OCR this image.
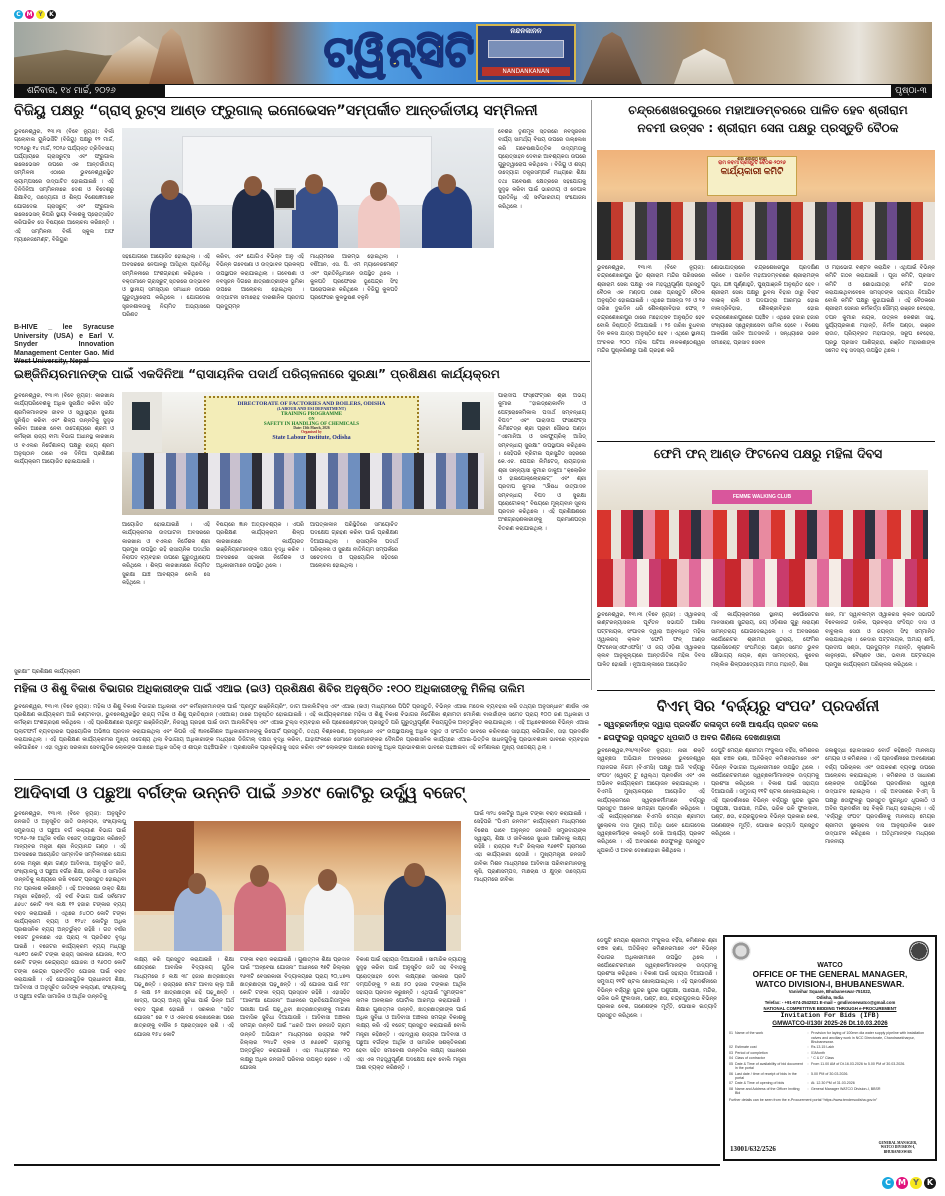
C M Y	K
ନନ୍ଦନକାନନ
NANDANKANAN
ଟ୍ୱିନ୍‌ସିଟି
ଶନିବାର, ୧୪ ମାର୍ଚ୍ଚ, ୨୦୨୬	ପୃଷ୍ଠା-୩
ବିଜିୟୁ ପକ୍ଷରୁ “ଗ୍ରାସ୍ ରୁଟ୍ସ ଆଣ୍ଡ ଫ୍ରୁଗାଲ୍ ଇନୋଭେସନ”ସମ୍ପର୍କୀତ ଆନ୍ତର୍ଜାତୀୟ ସମ୍ମିଳନୀ
ଭୁବନେଶ୍ୱର, ୧୩।୩ (ବିବେ ନ୍ୟୁଜ): ବିର୍ଲା ଗ୍ଲୋବାଲ ୟୁନିଭର୍ସିଟି (ବିଜିୟୁ) ପକ୍ଷରୁ ୧୨ ମାର୍ଚ୍ଚ, ୨୦୨୬ରୁ ୧୪ ମାର୍ଚ୍ଚ, ୨୦୨୬ ପର୍ଯ୍ୟନ୍ତ ତ୍ରିଦିବସୀୟ ପର୍ଯ୍ୟାୟରେ ଗ୍ରାସରୁଟ୍ସ ଏବଂ ଫ୍ରୁଗାଲ ଇନୋଭେସନ ଉପରେ ଏକ ଆନ୍ତର୍ଜାତୀୟ ସମ୍ମିଳନୀ ଏଠାରେ ଭୁବନେଶ୍ୱରସ୍ଥିତ କ୍ୟାମ୍ପସରେ ଉଦ୍‌ଘାଟିତ ହୋଇଯାଇଛି । ଏହି ତିନିଦିନିଆ ସମ୍ମିଳନୀରେ ଦେଶ ଓ ବିଦେଶରୁ ଶିକ୍ଷାବିତ୍, ଉଦ୍ୟୋଗୀ ଓ ଶିଳ୍ପ ବିଶେଷଜ୍ଞମାନେ ଯୋଗଦେଇ ଗ୍ରାସରୁଟ୍ ଏବଂ ଫ୍ରୁଗାଲ ଇନୋଭେସନ୍ କିପରି ସ୍ଥାୟୀ ବିକାଶକୁ ପ୍ରୋତ୍ସାହିତ କରିପାରିବ ସେ ବିଷୟରେ ଆଲୋଚନା କରିଛନ୍ତି । ଏହି ସମ୍ମିଳନୀ ବିର୍ଲା ସ୍କୁଲ ଅଫ ମ୍ୟାନେଜମେଣ୍ଟ, ବିଜିୟୁର
B-HIVE _ lee Syracuse University (USA) e Earl V. Snyder Innovation Management Center Gao. Mid
ସହଯୋଗରେ ଆୟୋଜିତ ହୋଇଥିଲା । ଏହି ଅବସରରେ ନେପାଳରୁ ଆସିଥିବା ପ୍ରତିନିଧି ସମ୍ମିଳନୀରେ ଅଂଶଗ୍ରହଣ କରିଥିଲେ । ବକ୍ତାମାନେ ଗ୍ରାସରୁଟ୍ ସ୍ତରରେ ଉଦ୍ଭାବନ ଓ ସ୍ଥାନୀୟ ସମସ୍ୟାର ସମାଧାନ ଉପରେ ଗୁରୁତ୍ୱାରୋପ କରିଥିଲେ । ଯୋଗଦେଇ ସୃଜନଶୀଳତାକୁ ନିୟମିତ ଅଭ୍ୟାସରେ ପରିଣତ
କରିବା, ଏବଂ ଯୋଗିଏ ବିଭିନ୍ନ ଅନୁ ଏହି ବିଭିନ୍ନ ଗବେଷଣା ଓ ଉଦ୍ଭାବନ ପ୍ରକଳ୍ପ ଉପସ୍ଥାପନ କରାଯାଇଥିଲା । ଗବେଷଣା ଓ ନବସୃଜନ ଦିଗରେ ଛାତ୍ରଛାତ୍ରୀଙ୍କ ଭୂମିକା ଉପରେ ଆଲୋଚନା ହୋଇଥିଲା । ଉଦ୍‌ଘାଟନୀ ସମାରୋହ ଦାରଶାନିକ ପ୍ରତୀପ ପ୍ରଦ୍ୟୁମ୍ନ
ମାଧ୍ୟମରେ ଆରମ୍ଭ ହୋଇଥିଲା । ବର୍ଷିଆନ, ଏସ. ପି. ଏମ ମ୍ୟାନେଜମେଣ୍ଟ ଏବଂ ପ୍ରତିନିଧିମାନେ ଉପସ୍ଥିତ ଥିଲେ । କୁଳପତି ପ୍ରଫେସର ଭୂପେନ୍ଦ୍ର ସିଂହ ପାରୋପକାର କରିଥିଲେ । ବିଜିୟୁ କୁଳପତି ପ୍ରଫେସର କୁଳଭୂଷଣ ବଳୁନି
ବେଶର ତୃଣମୂଳ ସ୍ତରରେ ନବସୃଜନର ବାର୍ଯ୍ୟ ସାମର୍ଥ୍ୟ ବିଷୟ ଉପରେ ଉଲ୍ଲେଖ କରି ଗବେଷଣାଭିତ୍ତିକ ଉଦ୍ୟମତାକୁ ପ୍ରୋତ୍ସାହନ ଦେବାର ଆବଶ୍ୟକତା ଉପରେ ଗୁରୁତ୍ୱାରୋପ କରିଥିଲେ । ବିଜିୟୁ ଓ ଶସ୍ୟ ଉଦ୍ୟୋଗ ତନ୍ତ୍ରସମ୍ପର୍କ ମଧ୍ୟରେ ଶିକ୍ଷା ତଥା ଗବେଷଣା କ୍ଷେତ୍ରରେ ସହଯୋଗକୁ ସୁଦୃଢ କରିବା ପାଇଁ ଭାରତୀୟ ଓ ନେପାଳ ପ୍ରତିନିଧି ଏହି ସର୍ବଭାରତୀୟ ସଂଯୋଜନା କରିଥିଲେ ।
ଚନ୍ଦ୍ରଶେଖରପୁରରେ ମହାଆଡମ୍ବରରେ ପାଳିତ ହେବ ଶ୍ରୀରାମ
ନବମୀ ଉତ୍ସବ : ଶ୍ରୀରାମ ସେନା ପକ୍ଷରୁ ପ୍ରସ୍ତୁତି ବୈଠକ
ଶ୍ରୀ ଶ୍ରୀରାମ ସେନା
ରାମ ନବମୀ ପ୍ରସ୍ତୁତି ବୈଠକ-୨୦୨୬
କାର୍ଯ୍ୟକାରୀ କମିଟି
ଭୁବନେଶ୍ୱର, ୧୩।୩ (ବିବେ ନ୍ୟୁଜ): ଚନ୍ଦ୍ରଶେଖରପୁର ସ୍ଥିତ ଶ୍ରୀରାମ ମନ୍ଦିର ପରିସରରେ ଶ୍ରୀରାମ ସେନା ପକ୍ଷରୁ ଏକ ମହତ୍ତ୍ୱପୂର୍ଣ୍ଣ ପ୍ରସ୍ତୁତି ବୈଠକ ଏକ ମଣ୍ଡପ ଠାରେ ପ୍ରସ୍ତୁତି ବୈଠକ ଅନୁଷ୍ଠିତ ହୋଇଯାଇଛି । ଏଥିରେ ଆସନ୍ତା ୨୫ ଓ ୨୬ ତାରିଖ ଦୁଇଦିନ ଧରି ଶୈଳଶ୍ରୀବିହାର ଫେଜ୍ ୨ ଚନ୍ଦ୍ରଶେଖରପୁର ଠାରେ ମହୋତ୍ସବ ଅନୁଷ୍ଠିତ ହେବ ବୋଲି ନିଷ୍ପତ୍ତି ନିଆଯାଇଛି । ୨୫ ତାରିଖ ବୁଧବାର ଦିନ କଳସ ଯାତ୍ରା ଅନୁଷ୍ଠିତ ହେବ । ଏଥିରେ ସ୍ଥାନୀୟ ଅଂଚଳର ୨୦୦ ମହିଳା ପଟିଆ ନୀଳକଣ୍ଠେଶ୍ୱର ମନ୍ଦିର ପୁଷ୍କରିଣୀରୁ ପାଣି ଗ୍ରହଣ କରି
ଶୋଭାଯାତ୍ରାରେ ଚନ୍ଦ୍ରଶେଖରପୁର ପ୍ରଦକ୍ଷିଣ କରିବେ । ପରଦିନ ମହାଆଡମ୍ବରରେ ଶ୍ରୀରାମଙ୍କ ପୂଜା, ଯଜ୍ଞ ପୂର୍ଣ୍ଣାହୁତି, ପୁଷ୍ପାଞ୍ଜଳି ଅନୁଷ୍ଠିତ ହେବ । ଶ୍ରୀରାମ ସେନା ପକ୍ଷରୁ ଭୁବନା ବିହାର ଠାରୁ ବିରାଟ ବାଇକ୍ ରାଲି ଓ ପଦଯାତ୍ରା ଆରମ୍ଭ ହୋଇ ନୀଳାଦ୍ରିବିହାର, ଶୈଳଶ୍ରୀବିହାର ହୋଇ ଚନ୍ଦ୍ରଶେଖରପୁରରେ ପହଞ୍ଚିବ । ଏଥିରେ ହଜାର ହଜାର ସଂଖ୍ୟାରେ ସ୍ୱେଚ୍ଛାସେବୀ ସାମିଲ ହେବେ । ବିଶେଷ ଆକର୍ଷଣ ସାଜିବ ଆତସବାଜି । ସନ୍ଧ୍ୟାରେ ଭଜନ ସମାରୋହ, ପ୍ରସାଦ ସେବନ
ଓ ମହାଭୋଗ ବଣ୍ଟନ କରାଯିବ । ଏଥିପାଇଁ ବିଭିନ୍ନ କମିଟି ଗଠନ କରାଯାଇଛି । ପୂଜା କମିଟି, ପ୍ରସାଦ କମିଟି ଓ ଶୋଭାଯାତ୍ରା କମିଟି ଗଠନ କରାଯାଇଥିବାବେଳେ ସମସ୍ତଙ୍କ ସହାୟତା ନିଆଯିବ ବୋଲି କମିଟି ପକ୍ଷରୁ କୁହାଯାଇଛି । ଏହି ବୈଠକରେ ଶ୍ରୀରାମ ସେନାର କର୍ମକର୍ତ୍ତା ସୌମ୍ୟ ରଞ୍ଜନ ବେହେରା, ତପନ କୁମାର ନାୟକ, ଉତ୍କଳ କେଶରୀ ସାହୁ, ସୁର୍ଯ୍ୟପ୍ରକାଶ ମହାନ୍ତି, ନିର୍ମଳ ପଣ୍ଡା, ରଞ୍ଜନ ରାଉତ, ପ୍ରିୟବ୍ରତ ମହାପାତ୍ର, ସରୂପ ବେହେରା, ପ୍ରଭୁ ପ୍ରସାଦ ପାଣିଗ୍ରାହୀ, ରଞ୍ଜିତ ମହାରଣାଙ୍କ ସମେତ ବହୁ ସଦସ୍ୟ ଉପସ୍ଥିତ ଥିଲେ ।
ଇଞ୍ଜିନିୟରମାନଙ୍କ ପାଇଁ ଏକଦିନିଆ “ରାସାୟନିକ ପଦାର୍ଥ ପରିଚାଳନାରେ ସୁରକ୍ଷା” ପ୍ରଶିକ୍ଷଣ କାର୍ଯ୍ୟକ୍ରମ
ଭୁବନେଶ୍ୱର, ୧୩।୩ (ବିବେ ନ୍ୟୁଜ): କାରଖାନା କାର୍ଯ୍ୟପରିବେଶକୁ ଅଧିକ ସୁରକ୍ଷିତ କରିବା ସହିତ ଶ୍ରମିକମାନଙ୍କ ଜୀବନ ଓ ସ୍ୱାସ୍ଥ୍ୟର ସୁରକ୍ଷା ସୁନିଶ୍ଚିତ କରିବା ଏବଂ ଶିଳ୍ପ ଉନ୍ନତିକୁ ସୁଦୃଢ କରିବା ଆରେଖ ନେବା ଉଦ୍ଦେଶ୍ୟରେ ଶ୍ରମ ଓ କର୍ମଚାରୀ ରାଜ୍ୟ ବୀମା ବିଭାଗ ଅଧୀନସ୍ଥ କାରଖାନା ଓ ବଏଲର ନିର୍ଦ୍ଦେଶାଳୟ ପକ୍ଷରୁ ରାଜ୍ୟ ଶ୍ରମ ଅନୁଷ୍ଠାନ ଠାରେ ଏକ ଦିନିଆ ପ୍ରଶିକ୍ଷଣ କାର୍ଯ୍ୟକ୍ରମ ଆୟୋଜିତ ହୋଇଯାଇଛି ।
DIRECTORATE OF FACTORIES AND BOILERS, ODISHA
(LABOUR AND ESI DEPARTMENT)
TRAINING PROGRAMME
ON
SAFETY IN HANDLING OF CHEMICALS
Date: 13th March, 2026
Organised by
State Labour Institute, Odisha
ଆୟୋଜିତ ହୋଇଯାଇଛି । ଏହି କାର୍ଯ୍ୟକ୍ରମର ଉଦଘାଟନୀ ଅବସରରେ କାରଖାନା ଓ ବଏଲର ନିର୍ଦ୍ଦେଶକ ଶ୍ରୀ ପ୍ରମୁଖ ଉପସ୍ଥିତ ରହି ରାସାୟନିକ ପଦାର୍ଥର ନିରାପଦ ବ୍ୟବହାର ଉପରେ ଗୁରୁତ୍ୱାରୋପ କରିଥିଲେ । ଶିଳ୍ପ କାରଖାନାରେ ନିୟମିତ ସୁରକ୍ଷା ଯାଞ୍ଚ ଆବଶ୍ୟକ ବୋଲି ସେ କହିଥିଲେ ।
ବିଷୟରେ ଜ୍ଞାନ ଅତ୍ୟାବଶ୍ୟକ । ଏପରି ପ୍ରଶିକ୍ଷଣ କାର୍ଯ୍ୟକ୍ରମ ଶିଳ୍ପ କାରଖାନାରେ କାର୍ଯ୍ୟରତ ଇଞ୍ଜିନିୟରମାନଙ୍କ ଦକ୍ଷତା ବୃଦ୍ଧି କରିବ । ଅବସରରେ ସହକାରୀ ନିର୍ଦ୍ଦେଶକ ଓ ଅଧିକାରୀମାନେ ଉପସ୍ଥିତ ଥିଲେ ।
ଆପତ୍‌କାଳୀନ ପରିସ୍ଥିତିରେ ସମୟୋଚିତ ପଦକ୍ଷେପ ଗ୍ରହଣ କରିବା ପାଇଁ ପ୍ରଶିକ୍ଷଣ ଦିଆଯାଇଥିଲା । ରାସାୟନିକ ପଦାର୍ଥ ପରିଚାଳନା ଓ ସୁରକ୍ଷା ନୀତିନିୟମ ସମ୍ପର୍କରେ ସଚେତନତା ଓ ପ୍ରାୟୋଗିକ ସହିତରେ ଆଲୋଚନା ହୋଇଥିଲା ।
ପାରାଦୀପ ଫସ୍‌ଫେଟ୍‌ସର ଶ୍ରୀ ଅଭୟ କୁମାର “ହାଇଡ୍ରୋକାର୍ବନ ଓ ପେଟ୍ରୋକେମିକାଲ ପଦାର୍ଥ ସମ୍ବନ୍ଧୀୟ ବିପଦ” ଏବଂ ପାରାଦୀପ ଫସଫେଟ୍ସ ଲିମିଟେଡ୍ର ଶ୍ରୀ ପ୍ରାଚୀ ସୌରଭ ପଣ୍ଡା “ଏମୋନିଆ ଓ ସଲଫ୍ୟୁରିକ୍ ଆସିଡ୍ ସମ୍ବନ୍ଧୀୟ ସୁରକ୍ଷା” ଉପସ୍ଥାପନା କରିଥିଲେ । ସେହିପରି ବ୍ରିଟାଇ ପ୍ରସୁନ୍ଦିତ ସହରରେ କେ.ଏଚ. ପେପର ଲିମିଟେଡ୍, ରାୟଗଡ଼ାର ଶ୍ରୀ ସନ୍ନ୍ୟାସୀ କୁମାର ଡାକୁଆ “କ୍ଲୋରିନ ଓ ହାଇପୋକ୍ଲୋରାଇଟ୍” ଏବଂ ଶ୍ରୀ ପ୍ରଦୀପ କୁମାର “ଔଷଧ ଉତ୍ପାଦନ ସମ୍ବନ୍ଧୀୟ ବିପଦ ଓ ସୁରକ୍ଷା ପ୍ରୋଟୋକଲ୍” ବିଷୟରେ ମୂଲ୍ୟବାନ ସୂଚନା ପ୍ରଦାନ କରିଥିଲେ । ଏହି ପ୍ରଶିକ୍ଷଣରେ ଅଂଶଗ୍ରହଣକାରୀଙ୍କୁ ପ୍ରମାଣପତ୍ର ବିତରଣ କରାଯାଇଥିଲା ।
ସୁରକ୍ଷା” ପ୍ରଶିକ୍ଷଣ କାର୍ଯ୍ୟକ୍ରମ
ଫେମି ଫନ୍ ଆଣ୍ଡ ଫିଟନେସ ପକ୍ଷରୁ ମହିଳା ଦିବସ
FEMME WALKING CLUB
ଭୁବନେଶ୍ୱର, ୧୩।୩ (ବିବେ ନ୍ୟୁଜ) : ଓ୍ୱାକରସ୍ ଇଣ୍ଟରନ୍ୟାସନାଲ ପୂର୍ବତନ ସଭାପତି ଆଶିଷ ପଟ୍ଟନାୟକ, ସଂପାଦକ ଦ୍ୱାରା ଅନୁବନ୍ଧିତ ମହିଳା ଓ୍ୱାକରସ୍ କ୍ଲବ ‘ଫେମି ଫନ୍ ଆଣ୍ଡ ଫିଟନେସ(ଏଫଏଫସି)’ ଓ ଜୟ ଓଡ଼ିଶା ଓ୍ୱାକରସ କ୍ଲବ ଆନୁକୂଲ୍ୟରେ ଆନ୍ତର୍ଜାତିକ ମହିଳା ଦିବସ ପାଳିତ ହୋଇଛି । ନୂଆପାଲ୍ଲୀରେ ଆୟୋଜିତ
ଏହି କାର୍ଯ୍ୟକ୍ରମରେ ସ୍ଥାନୀୟ କର୍ପୋରେଟର ମାନସୀରାଣୀ ସୁନ୍ଦରାୟ, ଜୟ ଓଡ଼ିଶାର ଗୁରୁ ନାରାୟଣ ସାମନ୍ତରାୟ ଯୋଗଦେଇଥିଲେ । ଏ ଅବସରରେ କର୍ପୋରେଟର ଶ୍ରୀମତୀ ସୁନ୍ଦରାୟ, ଫେମିର ପ୍ରେସିଡେଣ୍ଟ ସଂଘମିତ୍ରା ପଣ୍ଡା ସମେତ ଭୁବନ ସୌଭାଗ୍ୟ ନାୟକ, ଶ୍ରୀ ସାମନ୍ତରାୟ, କୁବେର ମଲ୍ଲିକ ଶିଳ୍ପଉଦ୍ୟୋଗୀ ମମତା ମହାନ୍ତି, ଶିଖା
ଖାନ, ମା' ସ୍ୱାବଲମ୍ବୀ ଓ୍ୱାକରସ କ୍ଲବ ସଭାପତି ବିବେକାନନ୍ଦ ଡାଳିକ, ପ୍ରବକ୍ତା ସଂଦିପ୍ତ ଦାସ ଓ ବାବୁଲାଲ ସେଠୀ ଓ ଜୟନ୍ତୀ ସିଂହ ସମ୍ମାନିତ କରାଯାଇଥିଲା । କେଦାର ପଟ୍ଟନାୟକ, ଅମାୟ ଶର୍ମା, ପ୍ରଦୀପ ସଣ୍ଡା, ପ୍ରଦ୍ୟୁମ୍ନ ମହାନ୍ତି, କୃଷ୍ଣାଲି କାନୁନ୍‌ଗୋ, ବୈଷ୍ଣବ ଓଝା, ଭବାନୀ ପଟ୍ଟନାୟକ ପ୍ରମୁଖ କାର୍ଯ୍ୟକ୍ରମ ପରିଚାଳନା କରିଥିଲେ ।
ମହିଳା ଓ ଶିଶୁ ବିକାଶ ବିଭାଗର ଅଧିକାରୀଙ୍କ ପାଇଁ ଏଆଇ (ଇଓ) ପ୍ରଶିକ୍ଷଣ ଶିବିର ଅନୁଷ୍ଠିତ :୧୦୦ ଅଧିକାରୀଙ୍କୁ ମିଳିଲା ତାଲିମ
ଭୁବନେଶ୍ୱର, ୧୩।୩ (ବିବେ ନ୍ୟୁଜ): ମହିଳା ଓ ଶିଶୁ ବିକାଶ ବିଭାଗର ଅଧିକାରୀ ଏବଂ କର୍ମଚାରୀମାନଙ୍କ ପାଇଁ 'ପ୍ରମ୍ପ୍ଟ ଇଞ୍ଜିନିୟରିଂ', ଡାଟା ଆନାଲିଟିକ୍ସ ଏବଂ ଏଆଇ (ଇଓ) ମାଧ୍ୟମରେ ପିପିଟି ପ୍ରସ୍ତୁତି, ବିଭିନ୍ନ ଏଆଇ ମଡେଲ ବ୍ୟବହାର କରି ତଥ୍ୟର ଅନୁସନ୍ଧାନ' ଶୀର୍ଷକ ଏକ ପ୍ରଶିକ୍ଷଣ କାର୍ଯ୍ୟକ୍ରମ ଆଜି କଣ୍ଟାବାଡ଼ା, ଭୁବନେଶ୍ୱରସ୍ଥିତ ରାଜ୍ୟ ମହିଳା ଓ ଶିଶୁ ପ୍ରତିଷ୍ଠାନ (ଏସଆଇ) ଠାରେ ଅନୁଷ୍ଠିତ ହୋଇଯାଇଛି । ଏହି କାର୍ଯ୍ୟକ୍ରମରେ ମହିଳା ଓ ଶିଶୁ ବିକାଶ ବିଭାଗର ନିର୍ଦ୍ଦେଶିକା ଶ୍ରୀମତୀ ମୋନିଶା ବାନାର୍ଜୀଙ୍କ ସମେତ ପ୍ରାୟ ୧୦୦ ଜଣ ଅଧିକାରୀ ଓ କର୍ମଚାରୀ ଅଂଶଗ୍ରହଣ କରିଥିଲେ । ଏହି ପ୍ରଶିକ୍ଷଣରେ ପ୍ରମ୍ପ୍ଟ ଇଞ୍ଜିନିୟରିଂ, ନିଜସ୍ୱ ଗ୍ରହଣ ପାଇଁ ଡାଟା ଆନାଲିଟିକ୍ସ ଏବଂ ଏଆଇ ଟୁଲ୍ସ ବ୍ୟବହାର କରି ପ୍ରେଜେଣ୍ଟେସନ୍ ପ୍ରସ୍ତୁତି ପରି ଗୁରୁତ୍ୱପୂର୍ଣ୍ଣ ବିଷୟଗୁଡ଼ିକ ଅନ୍ତର୍ଭୁକ୍ତ କରାଯାଇଥିଲା । ଏହି ଅଧିବେଶନରେ ବିଭିନ୍ନ ଏଆଇ ପ୍ଲାଟଫର୍ମ ବ୍ୟବହାରର ପ୍ରାୟୋଗିକ ଅଭିଜ୍ଞତା ପ୍ରଦାନ କରାଯାଇଥିଲା ଏବଂ କିପରି ଏହି ଜ୍ଞାନକୌଶଳ ଅଧିକାରୀମାନଙ୍କୁ ରିପୋର୍ଟ ପ୍ରସ୍ତୁତି, ତଥ୍ୟ ବିଶ୍ଳେଷଣ, ଅନୁସନ୍ଧାନ ଏବଂ ଉପସ୍ଥାପନାକୁ ଅଧିକ ଦ୍ରୁତ ଓ ସଂଗଠିତ ଭାବରେ କରିବାରେ ସାହାଯ୍ୟ କରିପାରିବ, ତାହା ପ୍ରଦର୍ଶନ କରାଯାଇଥିଲା । ଏହି ପ୍ରଶିକ୍ଷଣ କାର୍ଯ୍ୟକ୍ରମର ମୁଖ୍ୟ ଉଦ୍ଦେଶ୍ୟ ଥିଲା ବିଭାଗୀୟ ଅଧିକାରୀଙ୍କ ମଧ୍ୟରେ ଡିଜିଟାଲ୍ ଦକ୍ଷତା ବୃଦ୍ଧି କରିବା, ଯାହାଫଳରେ ସେମାନେ ସେମାନଙ୍କର ଦୈନନ୍ଦିନ ପ୍ରଶାସନିକ କାର୍ଯ୍ୟରେ ଏଆଇ-ଭିତ୍ତିକ ସାଧନଗୁଡ଼ିକୁ ପ୍ରଭାବଶାଳୀ ଭାବରେ ବ୍ୟବହାର କରିପାରିବେ । ଏହା ଦ୍ୱାରା ସରକାରୀ ସେବାଗୁଡ଼ିକ ଲୋକଙ୍କ ପାଖରେ ଅଧିକ ସଠିକ୍ ଓ ଶୀଘ୍ର ପହଞ୍ଚିପାରିବ । ପ୍ରଶାସନିକ ପ୍ରକ୍ରିୟାକୁ ସହଜ କରିବା ଏବଂ ଲୋକଙ୍କ ପାଖରେ ସେବାକୁ ଅଧିକ ପ୍ରଭାବଶାଳୀ ଭାବରେ ପହଞ୍ଚାଇବା ଏହି କର୍ମଶାଳାର ମୁଖ୍ୟ ଉଦ୍ଦେଶ୍ୟ ଥିଲା ।
ବିଏମ୍ ସିର ‘ବର୍ଜ୍ୟରୁ ସଂପଦ’ ପ୍ରଦର୍ଶନୀ
- ସ୍ୱଚ୍ଛକର୍ମୀଙ୍କ ଦ୍ୱାରା ପ୍ରଦର୍ଶିତ କଳାକୃତୀ ଦେଖି ଆଶ୍ଚର୍ଯ୍ୟ ପ୍ରକଟ କଲେ
- ଛତାଫୁଲରୁ ପ୍ରସ୍ତୁତ ଧୂପକାଠି ଓ ଅବର କିଣିଲେ ଦେଖଣାହାରୀ
ଭୁବନେଶ୍ୱର,୧୩/୩(ବିବେ ନ୍ୟୁଜ): ନାରୀ ଶକ୍ତି ସ୍ୱଚ୍ଛତା ଅଭିଯାନ ଅବସରରେ ଭୁବନେଶ୍ୱର ମହାନଗର ନିଗମ (ବିଏମସି) ପକ୍ଷରୁ ଆଜି 'ବର୍ଜ୍ୟରୁ ସଂପଦ' (ୱେଷ୍ଟ୍ ଟୁ ୱେଲ୍ଥ) ପ୍ରଦର୍ଶନୀ ଏବଂ ଏକ ଅଭିନବ କାର୍ଯ୍ୟକ୍ରମ ଆୟୋଜନ କରାଯାଇଥିଲା । ବିଏମସି ମୁଖ୍ୟାଳୟରେ ଆୟୋଜିତ ଏହି କାର୍ଯ୍ୟକ୍ରମରେ ସ୍ୱଚ୍ଛକର୍ମୀମାନେ ବର୍ଜ୍ୟରୁ ପ୍ରସ୍ତୁତ ଅନେକ ସାମଗ୍ରୀ ପ୍ରଦର୍ଶନ କରିଥିଲେ । ଏହି କାର୍ଯ୍ୟକ୍ରମରେ ବିଏମସି ମେୟର ଶ୍ରୀମତୀ ସୁଲୋଚନା ଦାସ ମୁଖ୍ୟ ଅତିଥି ଭାବେ ଯୋଗଦେଇ ସ୍ୱଚ୍ଛକର୍ମୀଙ୍କ କଳାକୃତି ଦେଖି ଆଶ୍ଚର୍ଯ୍ୟ ପ୍ରକଟ କରିଥିଲେ । ଏହି ଅବସରରେ ଛତାଫୁଲରୁ ପ୍ରସ୍ତୁତ ଧୂପକାଠି ଓ ଅବର ଦେଖଣାହାରୀ କିଣିଥିଲେ ।
ଡେପୁଟି ମେୟର ଶ୍ରୀମତୀ ମଂଜୁଲତା ବର୍ହିସ, କମିଶନର ଶ୍ରୀ ଚଞ୍ଚଳ ରାଣା, ଅତିରିକ୍ତ କମିଶନରମାନେ ଏବଂ ବିଭିନ୍ନ ବିଭାଗର ଅଧିକାରୀମାନେ ଉପସ୍ଥିତ ଥିଲେ । କର୍ପୋରେଟରମାନେ ସ୍ୱଚ୍ଛକର୍ମୀମାନଙ୍କ ଉଦ୍ୟମକୁ ପ୍ରଶଂସା କରିଥିଲେ । ବିକାଶ ପାଇଁ ସହାୟତା ଦିଆଯାଉଛି । ସମୁଦାୟ ୧୧ଟି ଷ୍ଟଲ ଖୋଲାଯାଇଥିଲା । ଏହି ପ୍ରଦର୍ଶନୀରେ ବିଭିନ୍ନ ବର୍ଜ୍ୟରୁ ସୁନ୍ଦର ସୁନ୍ଦର ପଶୁପକ୍ଷୀ, ପାପୋଛ, ମନ୍ଦିର, ଭଜିକ ଭଳି ଫୁଲଦାନୀ, ଘଣ୍ଟ, ଛତା, ଚନ୍ଦ୍ରଗୁଡ଼ଲଭ ବିଭିନ୍ନ ପ୍ରକାର ବେଶ, ଗଣେଶଙ୍କ ମୂର୍ତ୍ତି, ପୋଷାକ ଇତ୍ୟାଦି ପ୍ରସ୍ତୁତ କରିଥିଲେ ।
ଜଳାଶୁଦ୍ଧୀ ହୋଲସାଇଡ ବୋର୍ଡ କହିଛନ୍ତି ମାନନୀୟା ମେୟର ଓ କମିଶନର । ଏହି ପ୍ରଦର୍ଶନୀରେ ଅବଶୋଷଣ ବର୍ଜ୍ୟ ପରିଚାଳନା ଏବଂ ଉପକରଣ ବ୍ୟବସ୍ଥା ଉପରେ ଆଲୋଚନା କରାଯାଇଥିଲା । କମିଶନର ଓ ସାଧାରଣ ଲୋକଙ୍କ ଉପସ୍ଥିତିରେ ପ୍ରଦର୍ଶନୀର ସ୍ୱଚ୍ଛ ଉଦ୍‌ଘାଟନ ହୋଇଥିଲା । ଏହି ଅବସରରେ ବିଏମ୍ ସି ପକ୍ଷରୁ ଛତାଫୁଲରୁ ପ୍ରସ୍ତୁତ ସୁଗନ୍ଧିତ ଧୂପକାଠି ଓ ଅବିର ପ୍ରଦର୍ଶନୀ ସହ ବିକ୍ରି ମଧ୍ୟ ହୋଇଥିଲା । ଏହି 'ବର୍ଜ୍ୟରୁ ସଂପଦ' ପ୍ରଦର୍ଶନୀକୁ ମାନନୀୟା ମେୟର ଶ୍ରୀମତୀ ସୁଲୋଚନା ଦାସ ଆନୁଷ୍ଠାନିକ ଭାବେ ଉଦ୍‌ଘାଟନ କରିଥିଲେ । ଅତିଥିମାନଙ୍କ ମଧ୍ୟରେ ମାନନୀୟା
ଡେପୁଟି ମେୟର ଶ୍ରୀମତୀ ମଂଜୁଲତା ବର୍ହିସ, କମିଶନର ଶ୍ରୀ ଚଞ୍ଚଳ ରାଣା, ଅତିରିକ୍ତ କମିଶନରମାନେ ଏବଂ ବିଭିନ୍ନ ବିଭାଗର ଅଧିକାରୀମାନେ ଉପସ୍ଥିତ ଥିଲେ । କର୍ପୋରେଟରମାନେ ସ୍ୱଚ୍ଛକର୍ମୀମାନଙ୍କ ଉଦ୍ୟମକୁ ପ୍ରଶଂସା କରିଥିଲେ । ବିକାଶ ପାଇଁ ସହାୟତା ଦିଆଯାଉଛି । ସମୁଦାୟ ୧୧ଟି ଷ୍ଟଲ ଖୋଲାଯାଇଥିଲା । ଏହି ପ୍ରଦର୍ଶନୀରେ ବିଭିନ୍ନ ବର୍ଜ୍ୟରୁ ସୁନ୍ଦର ସୁନ୍ଦର ପଶୁପକ୍ଷୀ, ପାପୋଛ, ମନ୍ଦିର, ଭଜିକ ଭଳି ଫୁଲଦାନୀ, ଘଣ୍ଟ, ଛତା, ଚନ୍ଦ୍ରଗୁଡ଼ଲଭ ବିଭିନ୍ନ ପ୍ରକାର ବେଶ, ଗଣେଶଙ୍କ ମୂର୍ତ୍ତି, ପୋଷାକ ଇତ୍ୟାଦି ପ୍ରସ୍ତୁତ କରିଥିଲେ ।
ଆଦିବାସୀ ଓ ପଛୁଆ ବର୍ଗଙ୍କ ଉନ୍ନତି ପାଇଁ ୬୬୪୯ କୋଟିରୁ ଉର୍ଦ୍ଧ୍ୱ ବଜେଟ୍
ଭୁବନେଶ୍ୱର, ୧୩।୩ (ବିବେ ନ୍ୟୁଜ): ଅନୁସୂଚିତ ଜନଜାତି ଓ ଅନୁସୂଚିତ ଜାତି ଉନ୍ନୟନ, ସଂଖ୍ୟାଲଘୁ ସମ୍ପ୍ରଦାୟ ଓ ପଛୁଆ ବର୍ଗ କଲ୍ୟାଣ ବିଭାଗ ପାଇଁ ୨୦୨୬–୨୭ ଆର୍ଥିକ ବର୍ଷର ବଜେଟ୍ ଉପସ୍ଥାପନା କରିଛନ୍ତି ମାନ୍ୟବର ମନ୍ତ୍ରୀ ଶ୍ରୀ ନିତ୍ୟାନନ୍ଦ ଗଣ୍ଡ । ଏହି ଅବସରରେ ଆୟୋଜିତ ସାମ୍ବାଦିକ ସମ୍ମିଳନୀରେ ଯୋଗ ଦେଇ ମନ୍ତ୍ରୀ ଶ୍ରୀ ଗଣ୍ଡ ଆଦିବାସୀ, ଅନୁସୂଚିତ ଜାତି, ସଂଖ୍ୟାଲଘୁ ଓ ପଛୁଆ ବର୍ଗର ଶିକ୍ଷା, ଜୀବିକା ଓ ସାମାଜିକ ଉନ୍ନତିକୁ ଲକ୍ଷ୍ୟରେ ରଖି ବଜେଟ୍ ପ୍ରସ୍ତୁତ ହୋଇଥିବା ମତ ପ୍ରକାଶ କରିଛନ୍ତି । ଏହି ଅବସରରେ ଉକ୍ତ ଶିକ୍ଷା ମନ୍ତ୍ରୀ କହିଛନ୍ତି, ଏହି ବର୍ଷ ବିଭାଗ ପାଇଁ ସର୍ବମୋଟ ୬୬୪୯ କୋଟି ୩୩ ଲକ୍ଷ ୧୨ ହଜାର ଟଙ୍କାର ବ୍ୟୟ ବରାଦ କରାଯାଇଛି । ଏଥିରେ ୫୪୦୦ କୋଟି ଟଙ୍କା କାର୍ଯ୍ୟକ୍ରମ ବ୍ୟୟ ଓ ୧୨୪୯ କୋଟିରୁ ଅଧିକ ପ୍ରଶାସନିକ ବ୍ୟୟ ଅନ୍ତର୍ଭୁକ୍ତ ରହିଛି । ଗତ ବର୍ଷର ବଜେଟ ତୁଳନାରେ ଏହା ପ୍ରାୟ ୩ ପ୍ରତିଶତ ବୃଦ୍ଧି ପାଇଛି । ବଜେଟର କାର୍ଯ୍ୟକ୍ରମ ବ୍ୟୟ ମଧ୍ୟରୁ ୩୬୧୦ କୋଟି ଟଙ୍କା ରାଜ୍ୟ ସରକାର ଯୋଜନା, ୧୯୦ କୋଟି ଟଙ୍କା କେନ୍ଦ୍ରାୟତ ଯୋଜନା ଓ ୧୬୦୦ କୋଟି ଟଙ୍କା କେନ୍ଦ୍ର ପ୍ରବର୍ତ୍ତିତ ଯୋଜନା ପାଇଁ ବରାଦ କରାଯାଇଛି । ଏହି ଯୋଜନାଗୁଡ଼ିକ ପ୍ରାଧାନତଃ ଶିକ୍ଷା, ଆଦିବାସୀ ଓ ଅନୁସୂଚିତ ଜାତିଙ୍କ କଲ୍ୟାଣ, ସଂଖ୍ୟାଲଘୁ ଓ ପଛୁଆ ବର୍ଗର ସାମାଜିକ ଓ ଆର୍ଥିକ ଉନ୍ନତିକୁ
ଲକ୍ଷ୍ୟ କରି ପ୍ରସ୍ତୁତ କରାଯାଇଛି । ଶିକ୍ଷା କ୍ଷେତ୍ରରେ ଆବାସିକ ବିଦ୍ୟାଳୟ ଗୁଡ଼ିକ ମାଧ୍ୟମରେ ୫ ଲକ୍ଷ ୩୮ ହଜାର ଛାତ୍ରଛାତ୍ରୀ ପଢ଼ୁଛନ୍ତି । ରାଜ୍ୟରେ ମୋଟ ଆବାସ ଚାଲୁ ଅଛି ୫ ଲକ୍ଷ ୫୨ ଛାତ୍ରଛାତ୍ରୀ ରହି ପଢ଼ୁଛନ୍ତି । ଖାଦ୍ୟ, ପାଠ୍ୟ ଅନ୍ୟ ସୁବିଧା ପାଇଁ ଭିନ୍ନ ଅର୍ଥ ବରାଦ ପୂରଣ ହୋଇଛି । ସରକାର “ସହିତ ଯୋଜନା” ରେ ୧ ଓ ଏକାଦଶ ଲେଖାଲେଖା ପରେ ଛାତ୍ରଙ୍କୁ ବାର୍ଷିକ ୫ ପ୍ରୋତ୍ସାହନ ରାଶି । ଏହି ଯୋଜନା ୧୫୪ କୋଟି
ଟଙ୍କା ବରାଦ କରାଯାଇଛି । ଗୁଣାତ୍ମକ ଶିକ୍ଷା ପ୍ରଦାନ ପାଇଁ “ଅନ୍ବେଷା ଯୋଜନା” ଅଧୀନରେ ୧୭ଟି ଜିଲ୍ଲାର ୧୬୩ଟି ବେସରକାରୀ ବିଦ୍ୟାଳୟରେ ପ୍ରାୟ ୨୦,୪୭୩ ଛାତ୍ରଛାତ୍ରୀ ପଢ଼ୁଛନ୍ତି । ଏହି ଯୋଜନା ପାଇଁ ୧୫୮ କୋଟି ଟଙ୍କା ବ୍ୟୟ ପ୍ରସ୍ତାବ ରହିଛି । ଏହାସହିତ “ଆକାଂକ୍ଷା ଯୋଜନା” ଅଧୀନରେ ପ୍ରତିଯୋଗିତାମୂଳକ ପରୀକ୍ଷା ପାଇଁ ପଢ଼ୁଥିବା ଛାତ୍ରଛାତ୍ରୀଙ୍କୁ ମାଗଣା ଆବାସିକ ସୁବିଧା ଦିଆଯାଉଛି । ଆଦିବାସୀ ଅଞ୍ଚଳର ସମଗ୍ର ଉନ୍ନତି ପାଇଁ “ଧରତି ଆବା ଜନଜାତି ଗ୍ରାମ ଉନ୍ନତି ଅଭିଯାନ” ମାଧ୍ୟମରେ ରାଜ୍ୟର ୨୭ଟି ଜିଲ୍ଲାର ୨୩୪ଟି ବ୍ଲକ ଓ ୭୬୬୭ଟି ଗ୍ରାମକୁ ଅନ୍ତର୍ଭୁକ୍ତ କରାଯାଇଛି । ଏହା ମାଧ୍ୟମରେ ୧୦ ଲକ୍ଷରୁ ଅଧିକ ଜନଜାତି ପରିବାର ଉପକୃତ ହେବେ । ଏହି ଯୋଜନା
ବିକାଶ ପାଇଁ ସହାୟତା ଦିଆଯାଉଛି । ସାମାଜିକ ନ୍ୟାୟକୁ ସୁଦୃଢ଼ କରିବା ପାଇଁ ଅନୁସୂଚିତ ଜାତି ସହ ବିବାହକୁ ପ୍ରୋତ୍ସାହନ ଦେବା ଲକ୍ଷ୍ୟରେ ସରକାର ପ୍ରତି ଦମ୍ପତିଙ୍କୁ ୨ ଲକ୍ଷ ୫୦ ହଜାର ଟଙ୍କାର ଆର୍ଥିକ ସହାୟତା ପ୍ରଦାନ କରୁଛନ୍ତି । ଏଥିପାଇଁ “ସୁମଙ୍ଗଳ” ନାମକ ଅନଲାଇନ ପୋର୍ଟାଲ ଆରମ୍ଭ କରାଯାଇଛି । ଶିକ୍ଷାର ଗୁଣାତ୍ମକ ଉନ୍ନତି, ଛାତ୍ରଛାତ୍ରୀଙ୍କ ପାଇଁ ଅଧିକ ସୁବିଧା ଓ ଆଦିବାସୀ ଅଞ୍ଚଳର ସମଗ୍ର ବିକାଶକୁ ଲକ୍ଷ୍ୟ କରି ଏହି ବଜେଟ୍ ପ୍ରସ୍ତୁତ କରାଯାଇଛି ବୋଲି ମନ୍ତ୍ରୀ କହିଛନ୍ତି । ଏହାଦ୍ୱାରା ରାଜ୍ୟର ଆଦିବାସୀ ଓ ପଛୁଆ ବର୍ଗଙ୍କ ଆର୍ଥିକ ଓ ସାମାଜିକ ସଶକ୍ତିକରଣ ହେବା ସହିତ ସମାବେଶୀ ଉନ୍ନତିର ଲକ୍ଷ୍ୟ ସାଧନରେ ଏହା ଏକ ମହତ୍ତ୍ୱପୂର୍ଣ୍ଣ ପଦକ୍ଷେପ ହେବ ବୋଲି ମନ୍ତ୍ରୀ ଆଶା ବ୍ୟକ୍ତ କରିଛନ୍ତି ।
ପାଇଁ ୩୨୪ କୋଟିରୁ ଅଧିକ ଟଙ୍କା ବରାଦ କରାଯାଇଛି । ସେହିପରି “ପିଏମ ଜନମନ” କାର୍ଯ୍ୟକ୍ରମ ମାଧ୍ୟମରେ ବିଶେଷ ଭାବେ ଅନୁନ୍ନତ ଜନଜାତି ସମ୍ପ୍ରଦାୟଙ୍କ ସ୍ୱାସ୍ଥ୍ୟ, ଶିକ୍ଷା ଓ ଜୀବିକାରେ ସୁଧାର ଆଣିବାକୁ ଲକ୍ଷ୍ୟ ରହିଛି । ରାଜ୍ୟର ୧୪ଟି ଜିଲ୍ଲାର ୧୬୭୧ଟି ଗ୍ରାମରେ ଏହା କାର୍ଯ୍ୟକାରୀ ହେଉଛି । ମୁଖ୍ୟମନ୍ତ୍ରୀ ଜନଜାତି ଜୀବିକା ମିଶନ ମାଧ୍ୟମରେ ଆଦିବାସୀ ପରିବାରମାନଙ୍କୁ କୃଷି, ପ୍ରାଣୀସମ୍ପଦ, ମାଛଚାଷ ଓ କ୍ଷୁଦ୍ର ଉଦ୍ୟୋଗ ମାଧ୍ୟମରେ ଜୀବିକା
WATCO
OFFICE OF THE GENERAL MANAGER,
WATCO DIVISION-I, BHUBANESWAR.
Vanivihar Square, Bhubaneswar-751022,
Odisha, India
Telefax: - +91-674-2542821 E-mail – gmdivonewatco@gmail.com
NATIONAL COMPETITIVE BIDDING THROUGH e-PROCUREMENT
Invitation For Bids (IFB)
GMWATCO-I/130/ 2025-26 Dt.10.03.2026
01	Name of the work	:	Provision for laying of 100mm dia water supply pipeline with installation valves and ancillary work in NCC Directorate, Chandrasekharpur, Bhubaneswar.
02	Estimate cost	:	Rs.13.15 Lakh
03	Period of completion	:	01Month
04	Class of contractor	:	“ C & D” Class
05	Date & Time of availability of bid document in the portal	:	From 11.00 AM of Dt.16.03.2026 to 5.00 PM of 30.03.2026.
06	Last date / time of receipt of bids in the portal	:	5.00 PM of 30.03.2026.
07	Date & Time of opening of bids	:	At. 12.30 PM of 31.03.2026
08	Name and Address of the Officer Inviting Bid	:	General Manager WATCO Division-I, BBSR
Further details can be seen from the e-Procurement portal “https://www.tendersodisha.gov.in”
13001/632/2526
GENERAL MANAGER,
WATCO DIVISION-I,
BHUBANESWAR
C M Y	K
